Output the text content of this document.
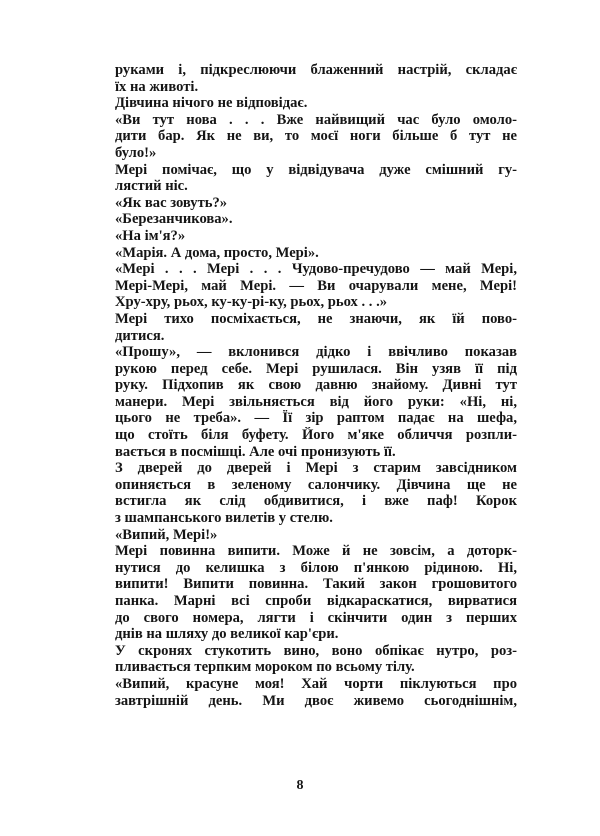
руками і, підкреслюючи блаженний настрій, складає
їх на животі.
Дівчина нічого не відповідає.
«Ви тут нова . . . Вже найвищий час було омоло-
дити бар. Як не ви, то моєї ноги більше б тут не
було!»
Мері помічає, що у відвідувача дуже смішний гу-
лястий ніс.
«Як вас зовуть?»
«Березанчикова».
«На ім'я?»
«Марія. А дома, просто, Мері».
«Мері . . . Мері . . . Чудово-пречудово — май Мері,
Мері-Мері, май Мері. — Ви очарували мене, Мері!
Хру-хру, рьох, ку-ку-рі-ку, рьох, рьох . . .»
Мері тихо посміхається, не знаючи, як їй пово-
дитися.
«Прошу», — вклонився дідко і ввічливо показав
рукою перед себе. Мері рушилася. Він узяв її під
руку. Підхопив як свою давню знайому. Дивні тут
манери. Мері звільняється від його руки: «Ні, ні,
цього не треба». — Її зір раптом падає на шефа,
що стоїть біля буфету. Його м'яке обличчя розпли-
вається в посмішці. Але очі пронизують її.
З дверей до дверей і Мері з старим завсідником
опиняється в зеленому салончику. Дівчина ще не
встигла як слід обдивитися, і вже паф! Корок
з шампанського вилетів у стелю.
«Випий, Мері!»
Мері повинна випити. Може й не зовсім, а доторк-
нутися до келишка з білою п'янкою рідиною. Ні,
випити! Випити повинна. Такий закон грошовитого
панка. Марні всі спроби відкараскатися, вирватися
до свого номера, лягти і скінчити один з перших
днів на шляху до великої кар'єри.
У скронях стукотить вино, воно обпікає нутро, роз-
пливається терпким мороком по всьому тілу.
«Випий, красуне моя! Хай чорти піклуються про
завтрішній день. Ми двоє живемо сьогоднішнім,
8
